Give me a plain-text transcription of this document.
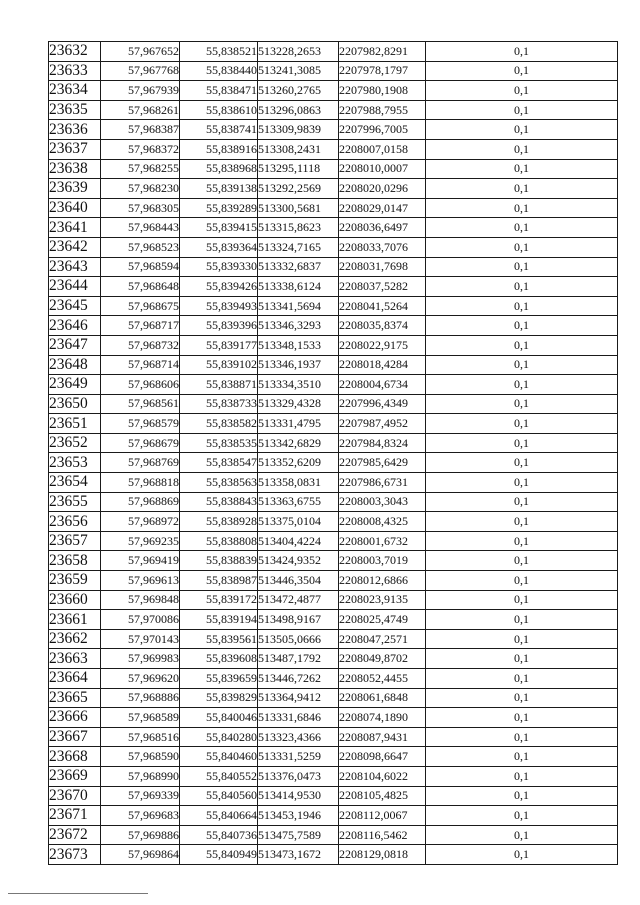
23632	57,967652	55,838521	513228,2653	2207982,8291	0,1
23633	57,967768	55,838440	513241,3085	2207978,1797	0,1
23634	57,967939	55,838471	513260,2765	2207980,1908	0,1
23635	57,968261	55,838610	513296,0863	2207988,7955	0,1
23636	57,968387	55,838741	513309,9839	2207996,7005	0,1
23637	57,968372	55,838916	513308,2431	2208007,0158	0,1
23638	57,968255	55,838968	513295,1118	2208010,0007	0,1
23639	57,968230	55,839138	513292,2569	2208020,0296	0,1
23640	57,968305	55,839289	513300,5681	2208029,0147	0,1
23641	57,968443	55,839415	513315,8623	2208036,6497	0,1
23642	57,968523	55,839364	513324,7165	2208033,7076	0,1
23643	57,968594	55,839330	513332,6837	2208031,7698	0,1
23644	57,968648	55,839426	513338,6124	2208037,5282	0,1
23645	57,968675	55,839493	513341,5694	2208041,5264	0,1
23646	57,968717	55,839396	513346,3293	2208035,8374	0,1
23647	57,968732	55,839177	513348,1533	2208022,9175	0,1
23648	57,968714	55,839102	513346,1937	2208018,4284	0,1
23649	57,968606	55,838871	513334,3510	2208004,6734	0,1
23650	57,968561	55,838733	513329,4328	2207996,4349	0,1
23651	57,968579	55,838582	513331,4795	2207987,4952	0,1
23652	57,968679	55,838535	513342,6829	2207984,8324	0,1
23653	57,968769	55,838547	513352,6209	2207985,6429	0,1
23654	57,968818	55,838563	513358,0831	2207986,6731	0,1
23655	57,968869	55,838843	513363,6755	2208003,3043	0,1
23656	57,968972	55,838928	513375,0104	2208008,4325	0,1
23657	57,969235	55,838808	513404,4224	2208001,6732	0,1
23658	57,969419	55,838839	513424,9352	2208003,7019	0,1
23659	57,969613	55,838987	513446,3504	2208012,6866	0,1
23660	57,969848	55,839172	513472,4877	2208023,9135	0,1
23661	57,970086	55,839194	513498,9167	2208025,4749	0,1
23662	57,970143	55,839561	513505,0666	2208047,2571	0,1
23663	57,969983	55,839608	513487,1792	2208049,8702	0,1
23664	57,969620	55,839659	513446,7262	2208052,4455	0,1
23665	57,968886	55,839829	513364,9412	2208061,6848	0,1
23666	57,968589	55,840046	513331,6846	2208074,1890	0,1
23667	57,968516	55,840280	513323,4366	2208087,9431	0,1
23668	57,968590	55,840460	513331,5259	2208098,6647	0,1
23669	57,968990	55,840552	513376,0473	2208104,6022	0,1
23670	57,969339	55,840560	513414,9530	2208105,4825	0,1
23671	57,969683	55,840664	513453,1946	2208112,0067	0,1
23672	57,969886	55,840736	513475,7589	2208116,5462	0,1
23673	57,969864	55,840949	513473,1672	2208129,0818	0,1
